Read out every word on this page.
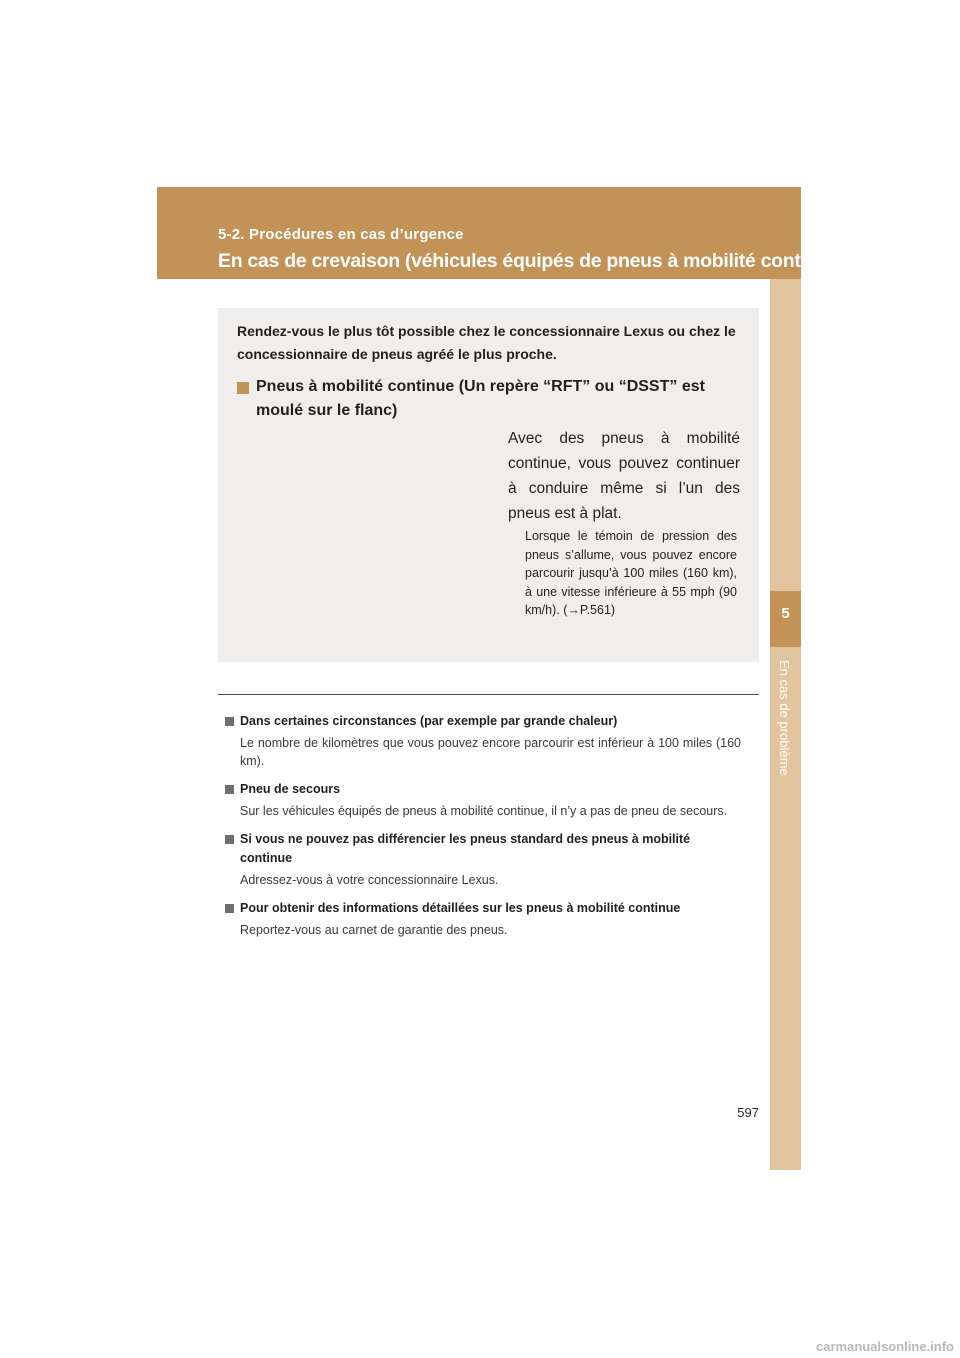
5-2. Procédures en cas d’urgence
En cas de crevaison (véhicules équipés de pneus à mobilité continue)
5
En cas de problème
Rendez-vous le plus tôt possible chez le concessionnaire Lexus ou chez le concessionnaire de pneus agréé le plus proche.
Pneus à mobilité continue (Un repère “RFT” ou “DSST” est moulé sur le flanc)
Avec des pneus à mobilité continue, vous pouvez continuer à conduire même si l’un des pneus est à plat.
Lorsque le témoin de pression des pneus s’allume, vous pouvez encore parcourir jusqu’à 100 miles (160 km), à une vitesse inférieure à 55 mph (90 km/h). (→P.561)
Dans certaines circonstances (par exemple par grande chaleur)
Le nombre de kilomètres que vous pouvez encore parcourir est inférieur à 100 miles (160 km).
Pneu de secours
Sur les véhicules équipés de pneus à mobilité continue, il n’y a pas de pneu de secours.
Si vous ne pouvez pas différencier les pneus standard des pneus à mobilité continue
Adressez-vous à votre concessionnaire Lexus.
Pour obtenir des informations détaillées sur les pneus à mobilité continue
Reportez-vous au carnet de garantie des pneus.
597
carmanualsonline.info
